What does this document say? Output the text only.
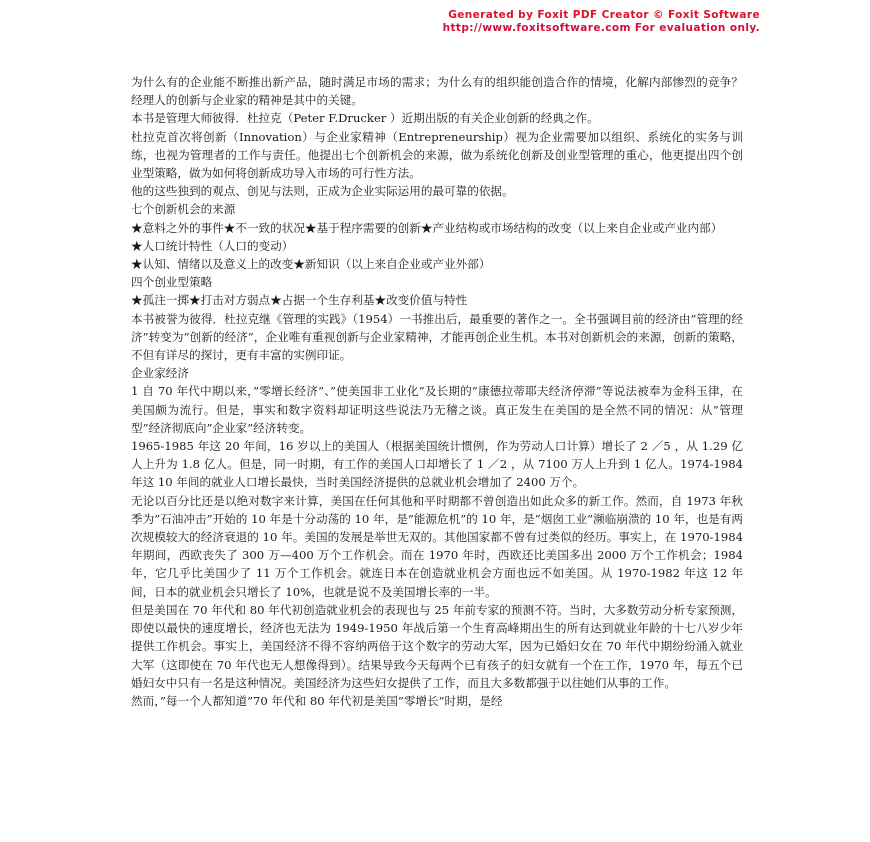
Generated by Foxit PDF Creator © Foxit Software
http://www.foxitsoftware.com For evaluation only.

为什么有的企业能不断推出新产品，随时满足市场的需求；为什么有的组织能创造合作的情境，化解内部惨烈的竞争？经理人的创新与企业家的精神是其中的关键。

本书是管理大师彼得．杜拉克（Peter F.Drucker ）近期出版的有关企业创新的经典之作。

杜拉克首次将创新（Innovation）与企业家精神（Entrepreneurship）视为企业需要加以组织、系统化的实务与训练，也视为管理者的工作与责任。他提出七个创新机会的来源，做为系统化创新及创业型管理的重心，他更提出四个创业型策略，做为如何将创新成功导入市场的可行性方法。

他的这些独到的观点、创见与法则，正成为企业实际运用的最可靠的依据。

七个创新机会的来源

★意料之外的事件★不一致的状况★基于程序需要的创新★产业结构或市场结构的改变（以上来自企业或产业内部）

★人口统计特性（人口的变动）

★认知、情绪以及意义上的改变★新知识（以上来自企业或产业外部）

四个创业型策略

★孤注一掷★打击对方弱点★占据一个生存利基★改变价值与特性

本书被誉为彼得．杜拉克继《管理的实践》（1954）一书推出后，最重要的著作之一。全书强调目前的经济由”管理的经济”转变为”创新的经济”，企业唯有重视创新与企业家精神，才能再创企业生机。本书对创新机会的来源，创新的策略，不但有详尽的探讨，更有丰富的实例印证。

企业家经济

1 自 70 年代中期以来，”零增长经济”、”使美国非工业化”及长期的”康德拉蒂耶夫经济停滞”等说法被奉为金科玉律，在美国颇为流行。但是，事实和数字资料却证明这些说法乃无稽之谈。真正发生在美国的是全然不同的情况：从”管理型”经济彻底向”企业家”经济转变。

1965-1985 年这 20 年间，16 岁以上的美国人（根据美国统计惯例，作为劳动人口计算）增长了 2 ／5 ，从 1.29 亿人上升为 1.8 亿人。但是，同一时期，有工作的美国人口却增长了 1 ／2 ，从 7100 万人上升到 1 亿人。1974-1984 年这 10 年间的就业人口增长最快，当时美国经济提供的总就业机会增加了 2400 万个。

无论以百分比还是以绝对数字来计算，美国在任何其他和平时期都不曾创造出如此众多的新工作。然而，自 1973 年秋季为”石油冲击”开始的 10 年是十分动荡的 10 年，是”能源危机”的 10 年，是”烟囱工业”濒临崩溃的 10 年，也是有两次规模较大的经济衰退的 10 年。美国的发展是举世无双的。其他国家都不曾有过类似的经历。事实上，在 1970-1984 年期间，西欧丧失了 300 万—400 万个工作机会。而在 1970 年时，西欧还比美国多出 2000 万个工作机会；1984 年，它几乎比美国少了 11 万个工作机会。就连日本在创造就业机会方面也远不如美国。从 1970-1982 年这 12 年间，日本的就业机会只增长了 10%，也就是说不及美国增长率的一半。

但是美国在 70 年代和 80 年代初创造就业机会的表现也与 25 年前专家的预测不符。当时，大多数劳动分析专家预测，即使以最快的速度增长，经济也无法为 1949-1950 年战后第一个生育高峰期出生的所有达到就业年龄的十七八岁少年提供工作机会。事实上，美国经济不得不容纳两倍于这个数字的劳动大军，因为已婚妇女在 70 年代中期纷纷涌入就业大军（这即使在 70 年代也无人想像得到）。结果导致今天每两个已有孩子的妇女就有一个在工作，1970 年，每五个已婚妇女中只有一名是这种情况。美国经济为这些妇女提供了工作，而且大多数都强于以往她们从事的工作。

然而，”每一个人都知道”70 年代和 80 年代初是美国”零增长”时期，是经
